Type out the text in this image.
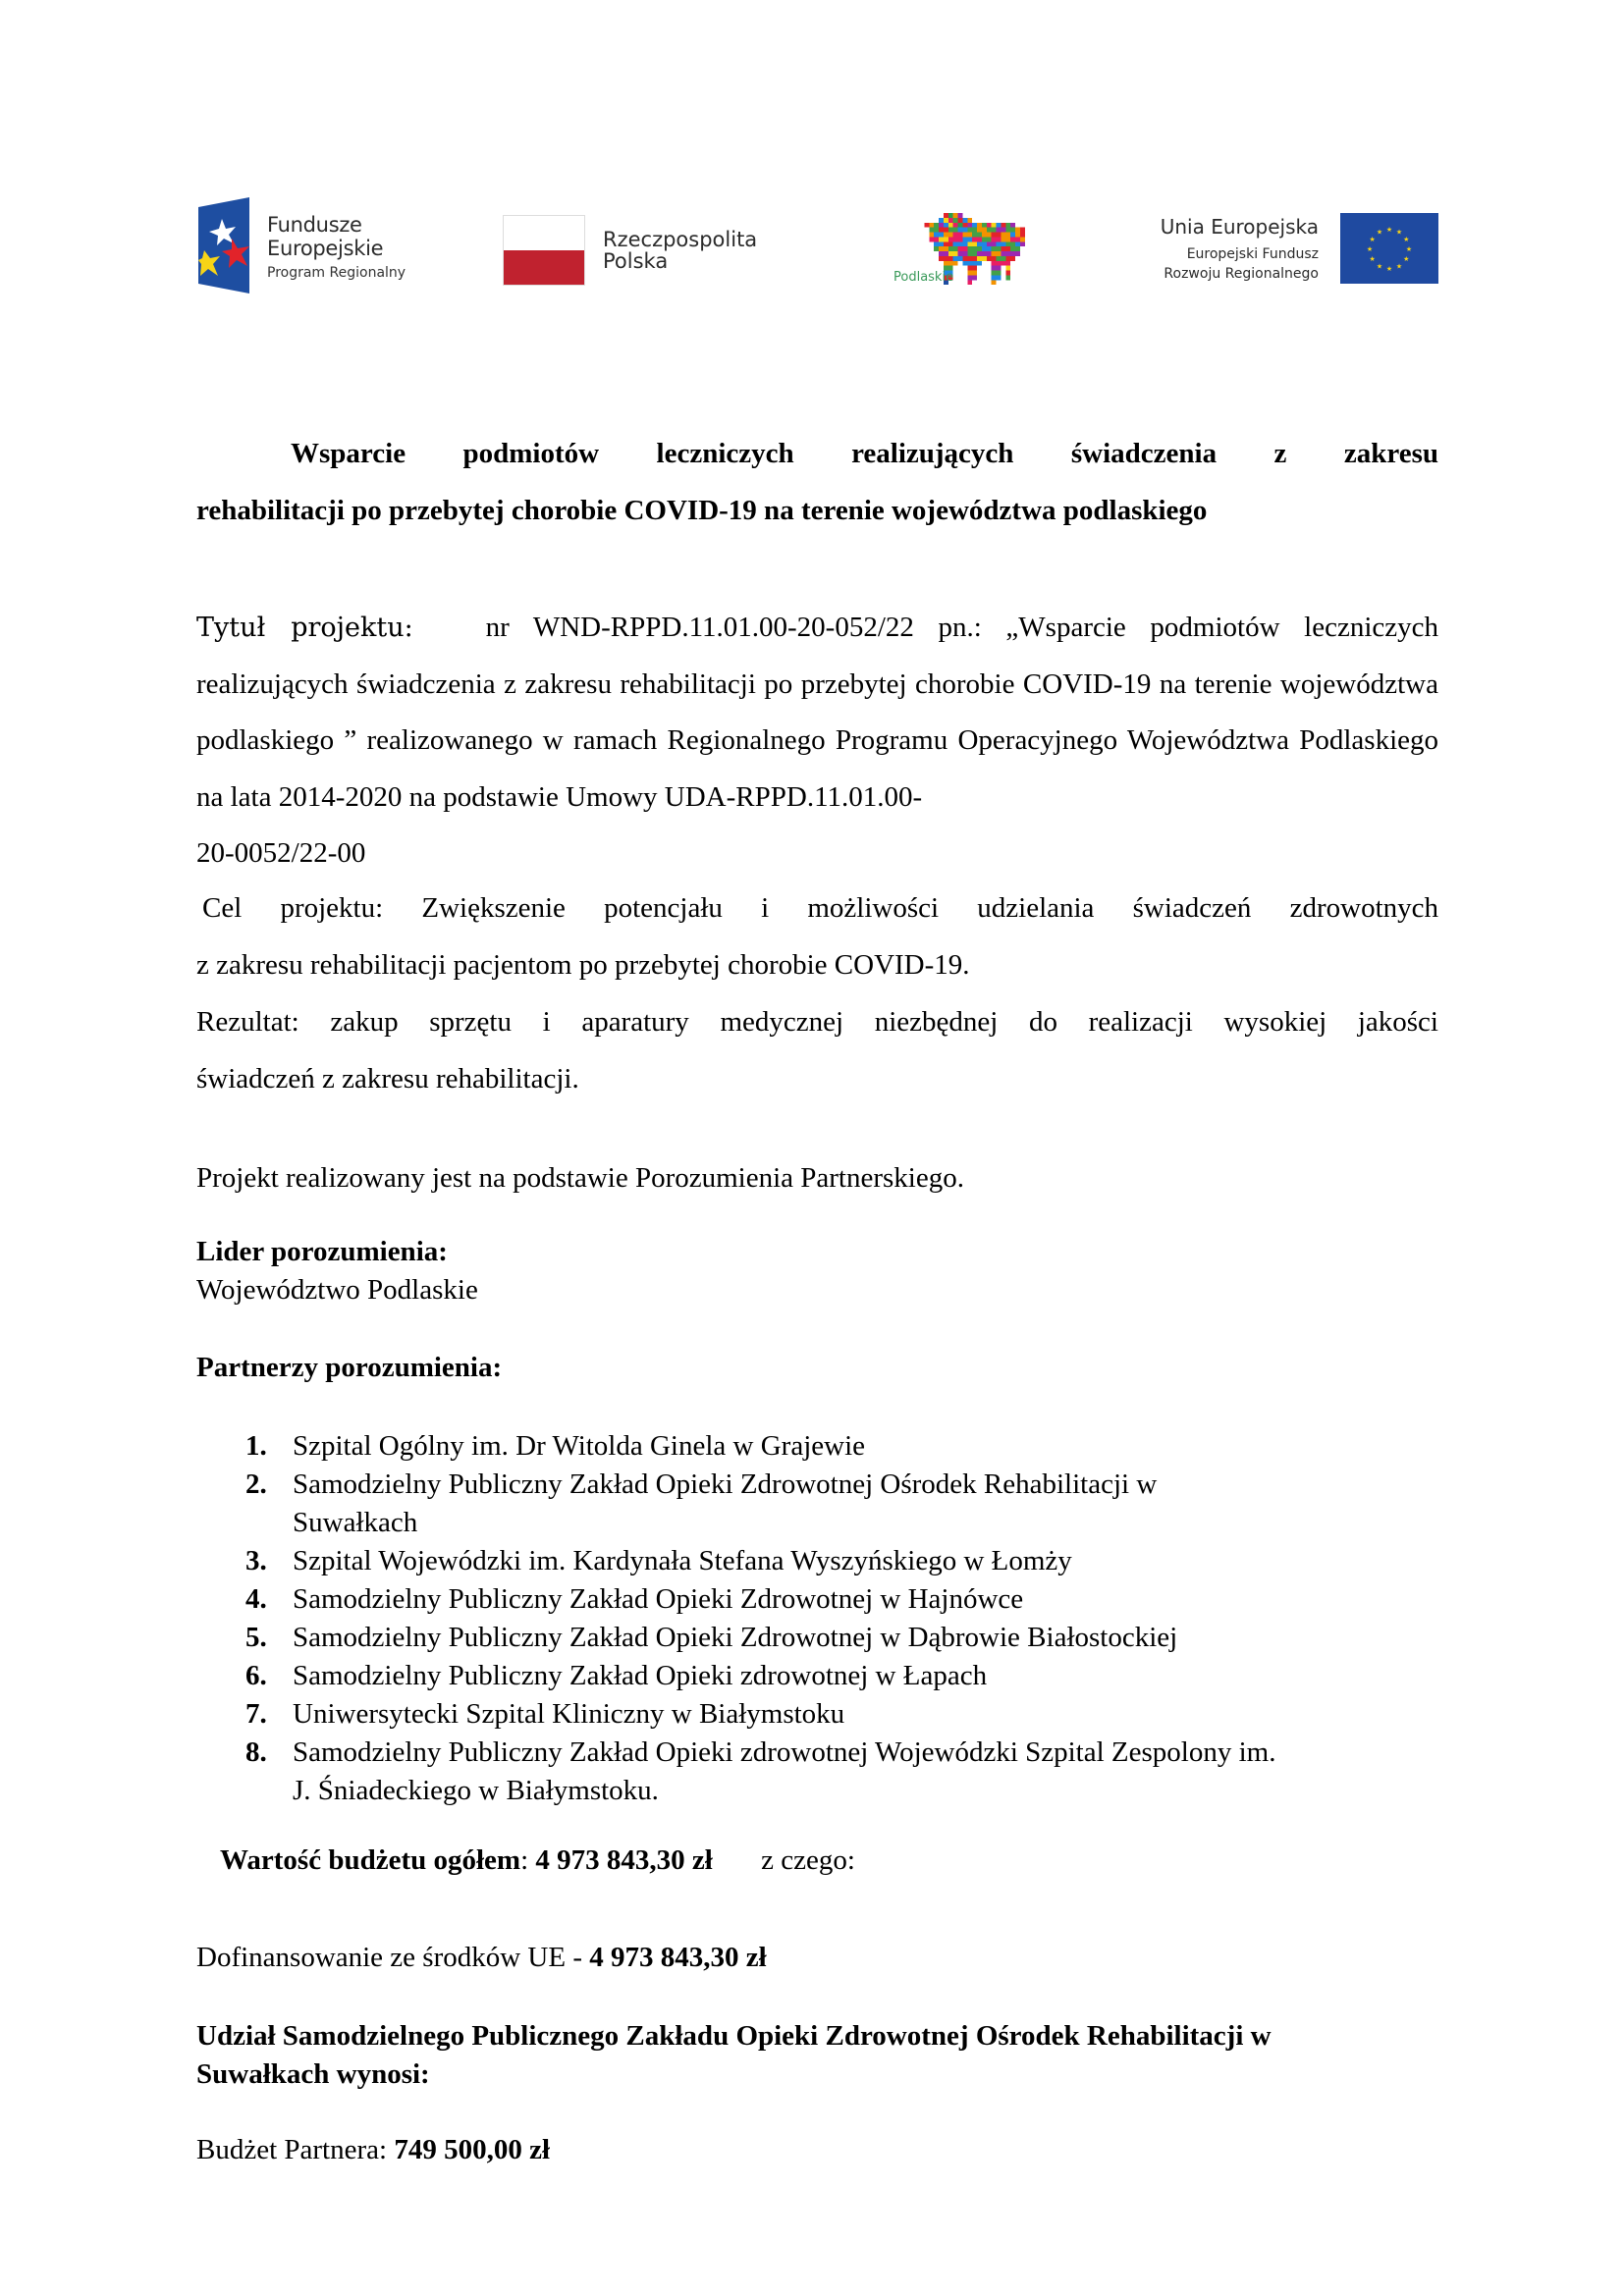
Fundusze
Europejskie
Program Regionalny
Rzeczpospolita
Polska
Podlaskie
Unia Europejska
Europejski Fundusz
Rozwoju Regionalnego
★ ★
★
★
★
★
★
★
★
★
★
★
Wsparcie podmiotów leczniczych realizujących świadczenia z zakresu
rehabilitacji po przebytej chorobie COVID-19 na terenie województwa podlaskiego
Tytuł projektu:	nr WND-RPPD.11.01.00-20-052/22 pn.: „Wsparcie podmiotów leczniczych realizujących świadczenia z zakresu rehabilitacji po przebytej chorobie COVID-19 na terenie województwa podlaskiego ” realizowanego w ramach Regionalnego Programu Operacyjnego Województwa Podlaskiego na lata 2014-2020 na podstawie Umowy UDA-RPPD.11.01.00-
20-0052/22-00
Cel projektu: Zwiększenie potencjału i możliwości udzielania świadczeń zdrowotnych
z zakresu rehabilitacji pacjentom po przebytej chorobie COVID-19.
Rezultat: zakup sprzętu i aparatury medycznej niezbędnej do realizacji wysokiej jakości
świadczeń z zakresu rehabilitacji.
Projekt realizowany jest na podstawie Porozumienia Partnerskiego.
Lider porozumienia:
Województwo Podlaskie
Partnerzy porozumienia:
1. Szpital Ogólny im. Dr Witolda Ginela w Grajewie
2. Samodzielny Publiczny Zakład Opieki Zdrowotnej Ośrodek Rehabilitacji w
Suwałkach
3. Szpital Wojewódzki im. Kardynała Stefana Wyszyńskiego w Łomży
4. Samodzielny Publiczny Zakład Opieki Zdrowotnej w Hajnówce
5. Samodzielny Publiczny Zakład Opieki Zdrowotnej w Dąbrowie Białostockiej
6. Samodzielny Publiczny Zakład Opieki zdrowotnej w Łapach
7. Uniwersytecki Szpital Kliniczny w Białymstoku
8. Samodzielny Publiczny Zakład Opieki zdrowotnej Wojewódzki Szpital Zespolony im.
J. Śniadeckiego w Białymstoku.
Wartość budżetu ogółem: 4 973 843,30 zł z czego:
Dofinansowanie ze środków UE - 4 973 843,30 zł
Udział Samodzielnego Publicznego Zakładu Opieki Zdrowotnej Ośrodek Rehabilitacji w
Suwałkach wynosi:
Budżet Partnera: 749 500,00 zł
